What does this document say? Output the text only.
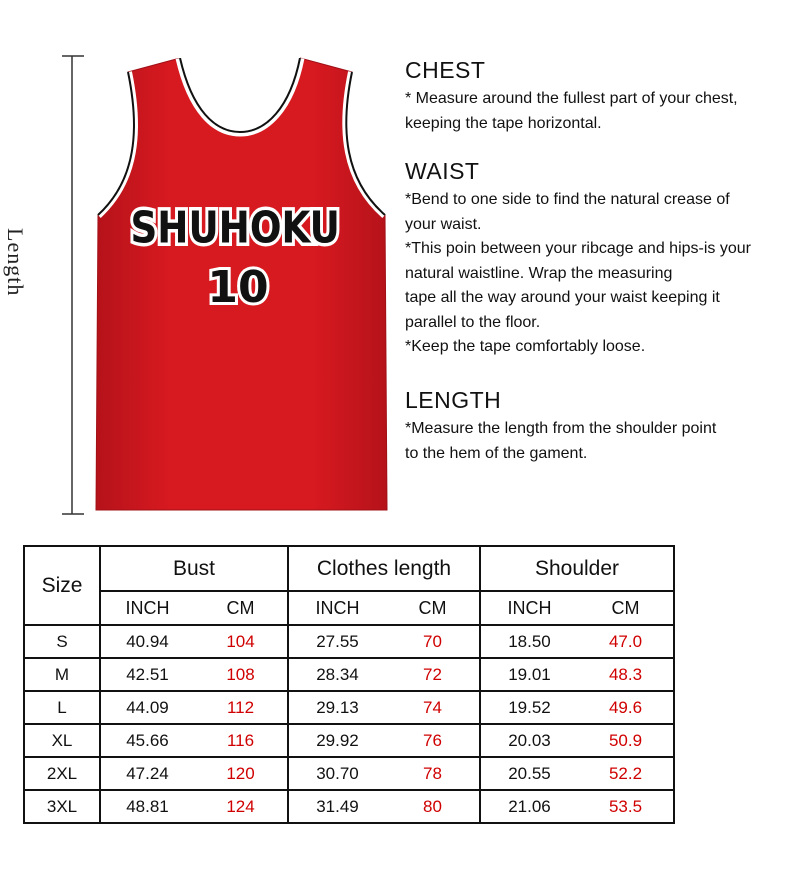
SHUHOKU
10
Length
CHEST

* Measure around the fullest part of your chest,

keeping the tape horizontal.

WAIST

*Bend to one side to find the natural crease of

your waist.

*This poin between your ribcage and hips-is your

natural waistline. Wrap the measuring

tape all the way around your waist keeping it

parallel to the floor.

*Keep the tape comfortably loose.

LENGTH

*Measure the length from the shoulder point

to the hem of the gament.

Size	Bust		Clothes length		Shoulder	
	INCH	CM	INCH	CM	INCH	CM
S	40.94	104	27.55	70	18.50	47.0
M	42.51	108	28.34	72	19.01	48.3
L	44.09	112	29.13	74	19.52	49.6
XL	45.66	116	29.92	76	20.03	50.9
2XL	47.24	120	30.70	78	20.55	52.2
3XL	48.81	124	31.49	80	21.06	53.5
